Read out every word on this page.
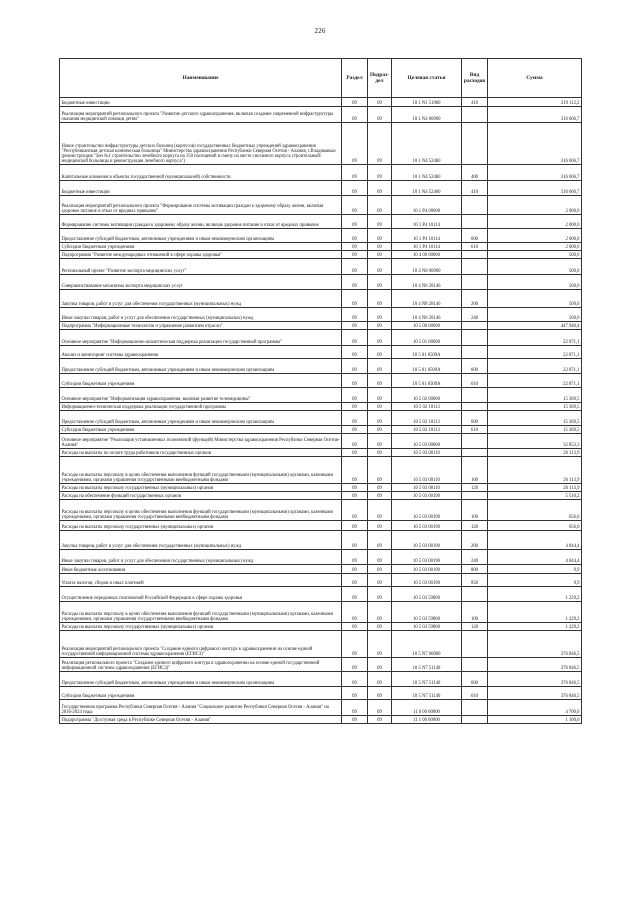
226
Наименование	Раздел	Подраз-дел	Целевая статья	Вид расходов	Сумма
Бюджетные инвестиции	09	09	10 1 N1 51960	410	219 112,2
Реализация мероприятий регионального проекта "Развитие детского здравоохранения, включая создание современной инфраструктуры оказания медицинской помощи детям"	09	09	10 1 N4 00000		316 666,7
Новое строительство инфраструктуры детских больниц (корпусов) государственных бюджетных учреждений здравоохранения "Республиканская детская клиническая больница" Министерства здравоохранения Республики Северная Осетия - Алания, г.Владикавказ (реконструкция "Зон №1 строительство лечебного корпуса на 150 посещений в смену на месте сносимого корпуса строительный/медицинской больницы и реконструкция лечебного корпуса")	09	09	10 1 N4 52460		316 666,7
Капитальные вложения в объекты государственной (муниципальной) собственности	09	09	10 1 N4 52460	400	316 666,7
Бюджетные инвестиции	09	09	10 1 N4 52460	410	316 666,7
Реализация мероприятий регионального проекта "Формирование системы мотивации граждан к здоровому образу жизни, включая здоровое питание и отказ от вредных привычек"	09	09	10 1 P4 00000		2 000,0
Формирование системы мотивации граждан к здоровому образу жизни, включая здоровое питание и отказ от вредных привычек	09	09	10 1 P4 10114		2 000,0
Предоставление субсидий бюджетным, автономным учреждениям и иным некоммерческим организациям	09	09	10 1 P4 10114	600	2 000,0
Субсидии бюджетным учреждениям	09	09	10 1 P4 10114	610	2 000,0
Подпрограмма "Развитие международных отношений в сфере охраны здоровья"	09	09	10 4 00 00000		500,0
Региональный проект "Развитие экспорта медицинских услуг"	09	09	10 4 N8 00000		500,0
Совершенствование механизма экспорта медицинских услуг	09	09	10 4 N8 28146		500,0
Закупка товаров, работ и услуг для обеспечения государственных (муниципальных) нужд	09	09	10 4 N8 28146	200	500,0
Иные закупки товаров, работ и услуг для обеспечения государственных (муниципальных) нужд	09	09	10 4 N8 28146	240	500,0
Подпрограмма "Информационные технологии и управление развитием отрасли"	09	09	10 5 00 00000		447 940,4
Основное мероприятие "Информационно-аналитическая поддержка реализации государственной программы"	09	09	10 5 01 00000		22 871,1
Анализ и мониторинг системы здравоохранения	09	09	10 5 01 0509А		22 871,1
Предоставление субсидий бюджетным, автономным учреждениям и иным некоммерческим организациям	09	09	10 5 01 0509А	600	22 871,1
Субсидии бюджетным учреждениям	09	09	10 5 01 0509А	610	22 871,1
Основное мероприятие "Информатизация здравоохранения, включая развитие телемедицины"	09	09	10 5 02 00000		15 369,5
Информационно-техническая поддержка реализации государственной программы	09	09	10 5 02 10113		15 369,5
Предоставление субсидий бюджетным, автономным учреждениям и иным некоммерческим организациям	09	09	10 5 02 10113	600	15 369,5
Субсидии бюджетным учреждениям	09	09	10 5 02 10113	610	15 369,5
Основное мероприятие "Реализация установленных полномочий (функций) Министерства здравоохранения Республики Северная Осетия-Алания"	09	09	10 5 03 00000		32 853,3
Расходы на выплаты по оплате труда работников государственных органов	09	09	10 5 03 00110		26 113,9
Расходы на выплаты персоналу в целях обеспечения выполнения функций государственными (муниципальными) органами, казенными учреждениями, органами управления государственными внебюджетными фондами	09	09	10 5 03 00110	100	26 113,9
Расходы на выплаты персоналу государственных (муниципальных) органов	09	09	10 5 03 00110	120	26 113,9
Расходы на обеспечение функций государственных органов	09	09	10 5 03 00190		5 510,2
Расходы на выплаты персоналу в целях обеспечения выполнения функций государственными (муниципальными) органами, казенными учреждениями, органами управления государственными внебюджетными фондами	09	09	10 5 03 00190	100	656,0
Расходы на выплаты персоналу государственных (муниципальных) органов	09	09	10 5 03 00190	120	656,0
Закупка товаров, работ и услуг для обеспечения государственных (муниципальных) нужд	09	09	10 5 03 00190	200	4 844,4
Иные закупки товаров, работ и услуг для обеспечения государственных (муниципальных) нужд	09	09	10 5 03 00190	240	4 844,4
Иные бюджетные ассигнования	09	09	10 5 03 00190	800	9,9
Уплата налогов, сборов и иных платежей	09	09	10 5 03 00190	850	9,9
Осуществление переданных полномочий Российской Федерации в сфере охраны здоровья	09	09	10 5 03 59800		1 229,2
Расходы на выплаты персоналу в целях обеспечения выполнения функций государственными (муниципальными) органами, казенными учреждениями, органами управления государственными внебюджетными фондами	09	09	10 5 03 59800	100	1 229,2
Расходы на выплаты персоналу государственных (муниципальных) органов	09	09	10 5 03 59800	120	1 229,2
Реализация мероприятий регионального проекта "Создание единого цифрового контура в здравоохранении на основе единой государственной информационной системы здравоохранения (ЕГИСЗ)"	09	09	10 5 N7 00000		376 846,5
Реализация регионального проекта "Создание единого цифрового контура в здравоохранении на основе единой государственной информационной системы здравоохранения (ЕГИСЗ)"	09	09	10 5 N7 51140		376 846,5
Предоставление субсидий бюджетным, автономным учреждениям и иным некоммерческим организациям	09	09	10 5 N7 51140	600	376 846,5
Субсидии бюджетным учреждениям	09	09	10 5 N7 51140	610	376 846,5
Государственная программа Республики Северная Осетия - Алания "Социальное развитие Республики Северная Осетия - Алания" на 2016-2024 годы	09	09	11 0 00 00000		4 700,0
Подпрограмма "Доступная среда в Республике Северная Осетия - Алания"	09	09	11 1 00 00000		1 100,0
